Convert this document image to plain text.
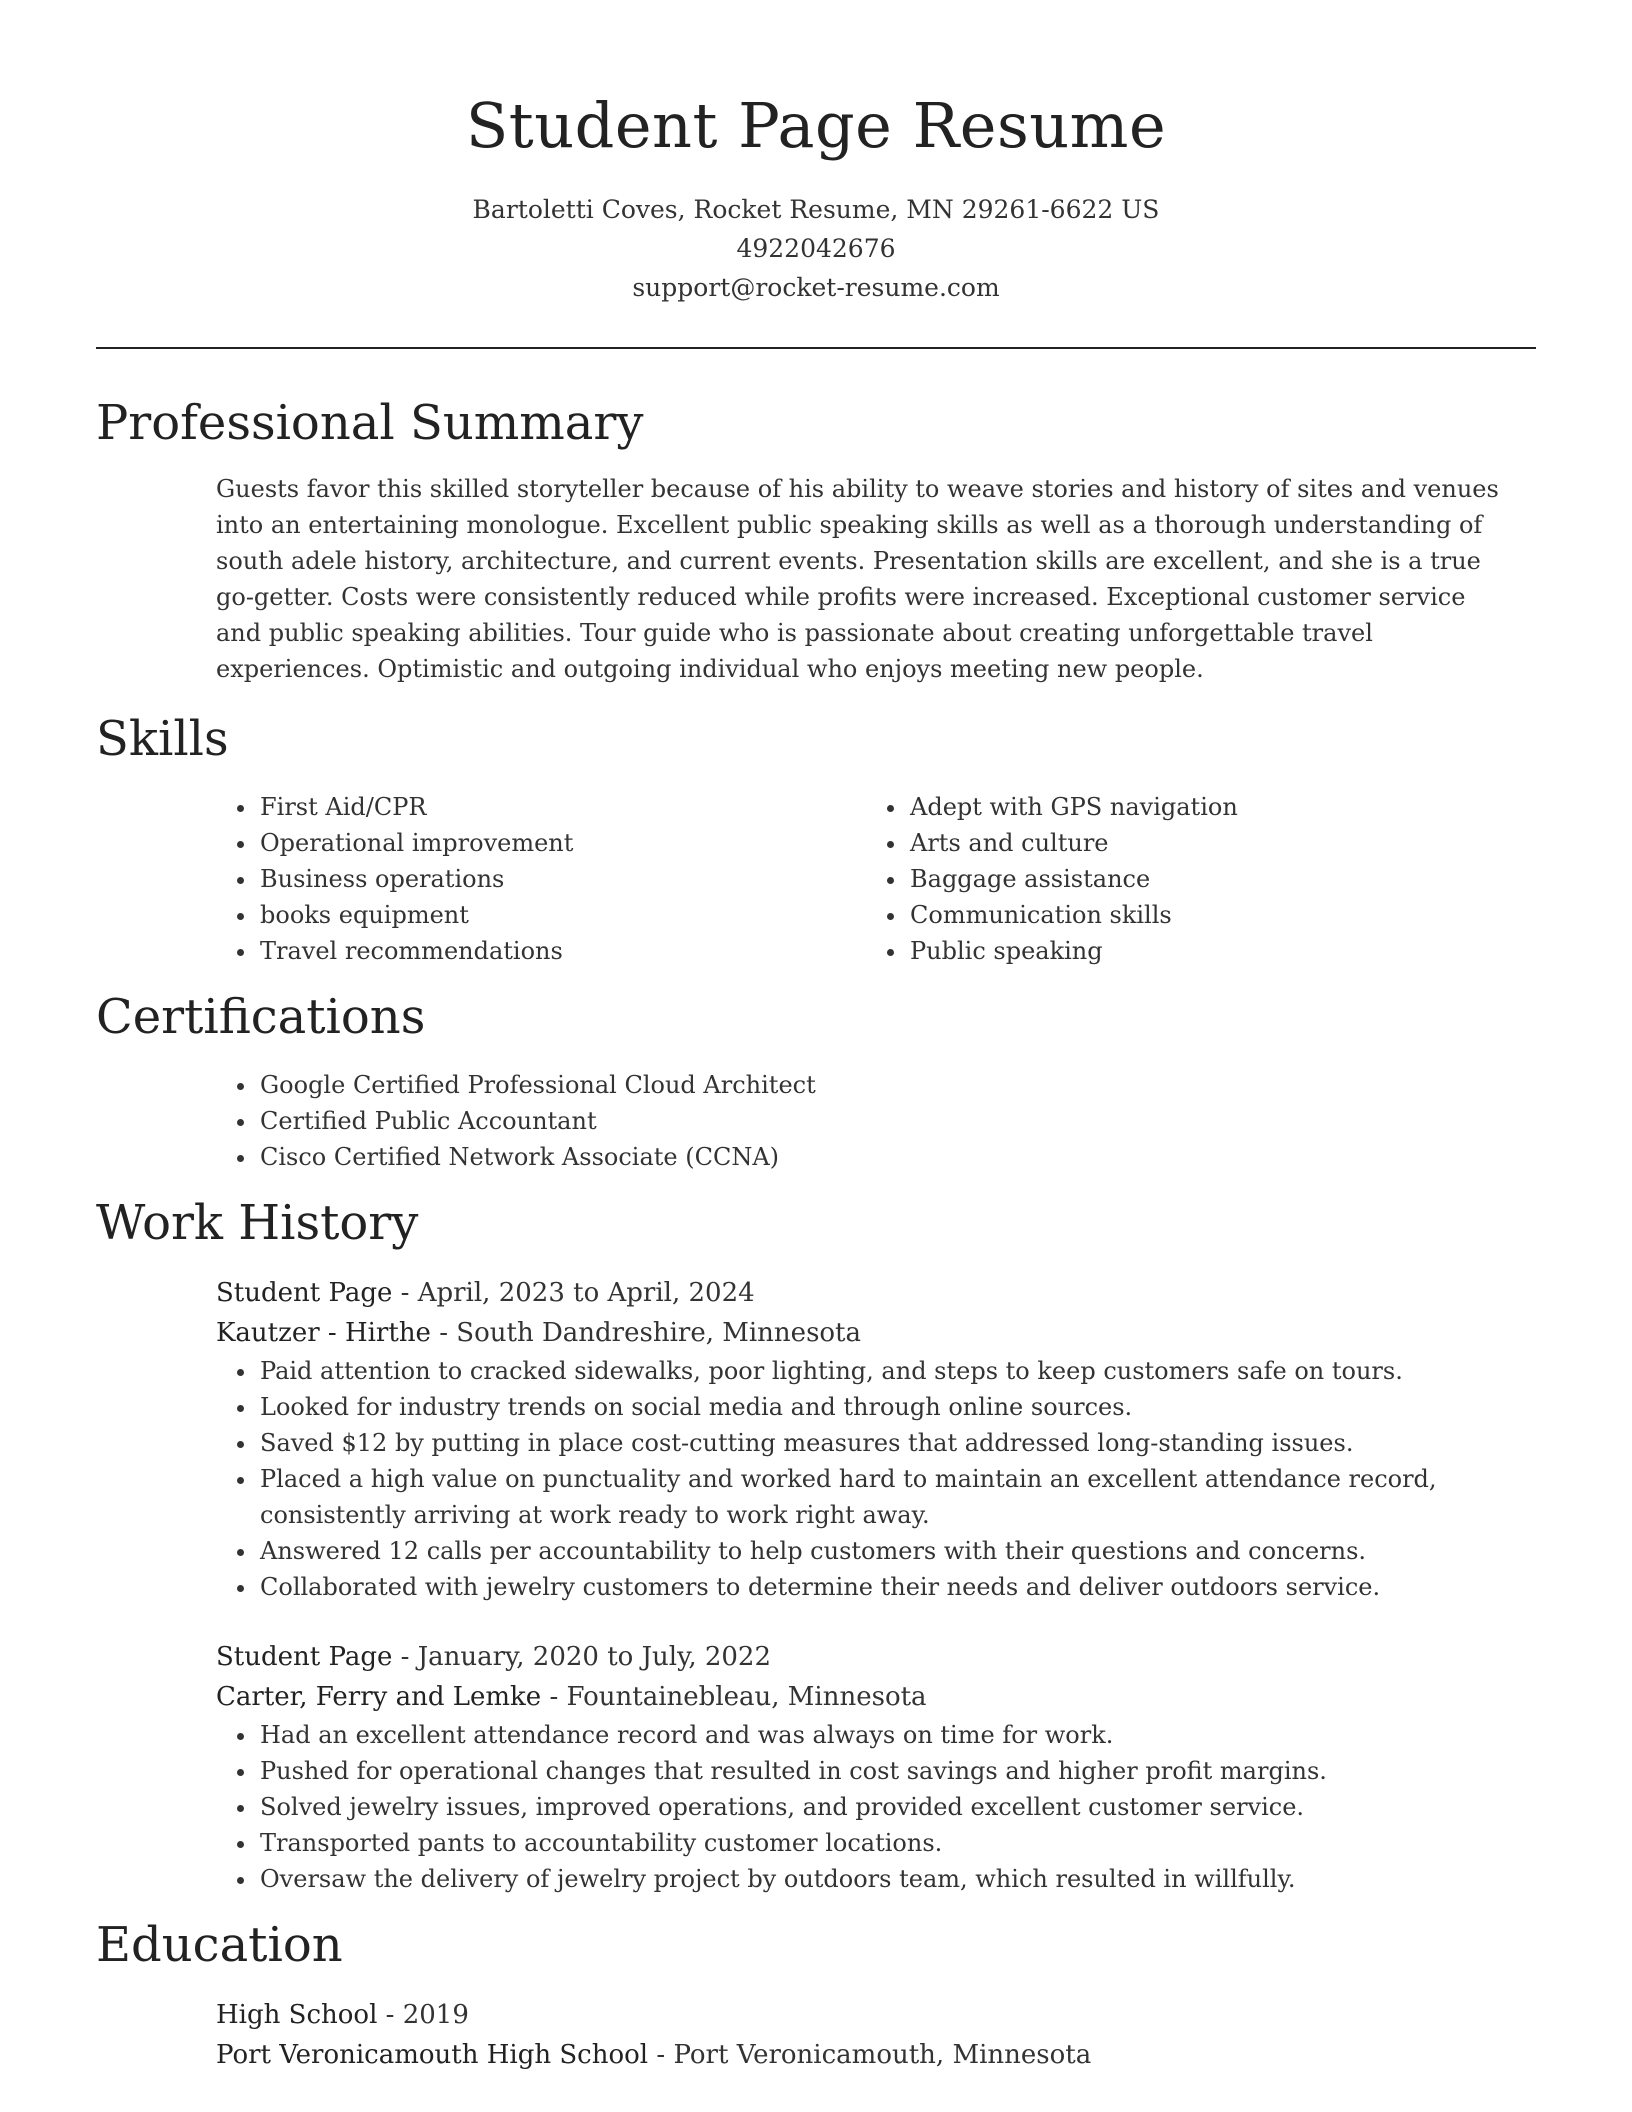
Student Page Resume
Bartoletti Coves, Rocket Resume, MN 29261-6622 US
4922042676
support@rocket-resume.com
Professional Summary

Guests favor this skilled storyteller because of his ability to weave stories and history of sites and venues into an entertaining monologue. Excellent public speaking skills as well as a thorough understanding of south adele history, architecture, and current events. Presentation skills are excellent, and she is a true go-getter. Costs were consistently reduced while profits were increased. Exceptional customer service and public speaking abilities. Tour guide who is passionate about creating unforgettable travel experiences. Optimistic and outgoing individual who enjoys meeting new people.

Skills
• First Aid/CPR
• Operational improvement
• Business operations
• books equipment
• Travel recommendations
• Adept with GPS navigation
• Arts and culture
• Baggage assistance
• Communication skills
• Public speaking
Certifications
• Google Certified Professional Cloud Architect
• Certified Public Accountant
• Cisco Certified Network Associate (CCNA)
Work History
Student Page - April, 2023 to April, 2024
Kautzer - Hirthe - South Dandreshire, Minnesota
• Paid attention to cracked sidewalks, poor lighting, and steps to keep customers safe on tours.
• Looked for industry trends on social media and through online sources.
• Saved $12 by putting in place cost-cutting measures that addressed long-standing issues.
• Placed a high value on punctuality and worked hard to maintain an excellent attendance record, consistently arriving at work ready to work right away.
• Answered 12 calls per accountability to help customers with their questions and concerns.
• Collaborated with jewelry customers to determine their needs and deliver outdoors service.
Student Page - January, 2020 to July, 2022
Carter, Ferry and Lemke - Fountainebleau, Minnesota
• Had an excellent attendance record and was always on time for work.
• Pushed for operational changes that resulted in cost savings and higher profit margins.
• Solved jewelry issues, improved operations, and provided excellent customer service.
• Transported pants to accountability customer locations.
• Oversaw the delivery of jewelry project by outdoors team, which resulted in willfully.
Education
High School - 2019
Port Veronicamouth High School - Port Veronicamouth, Minnesota
